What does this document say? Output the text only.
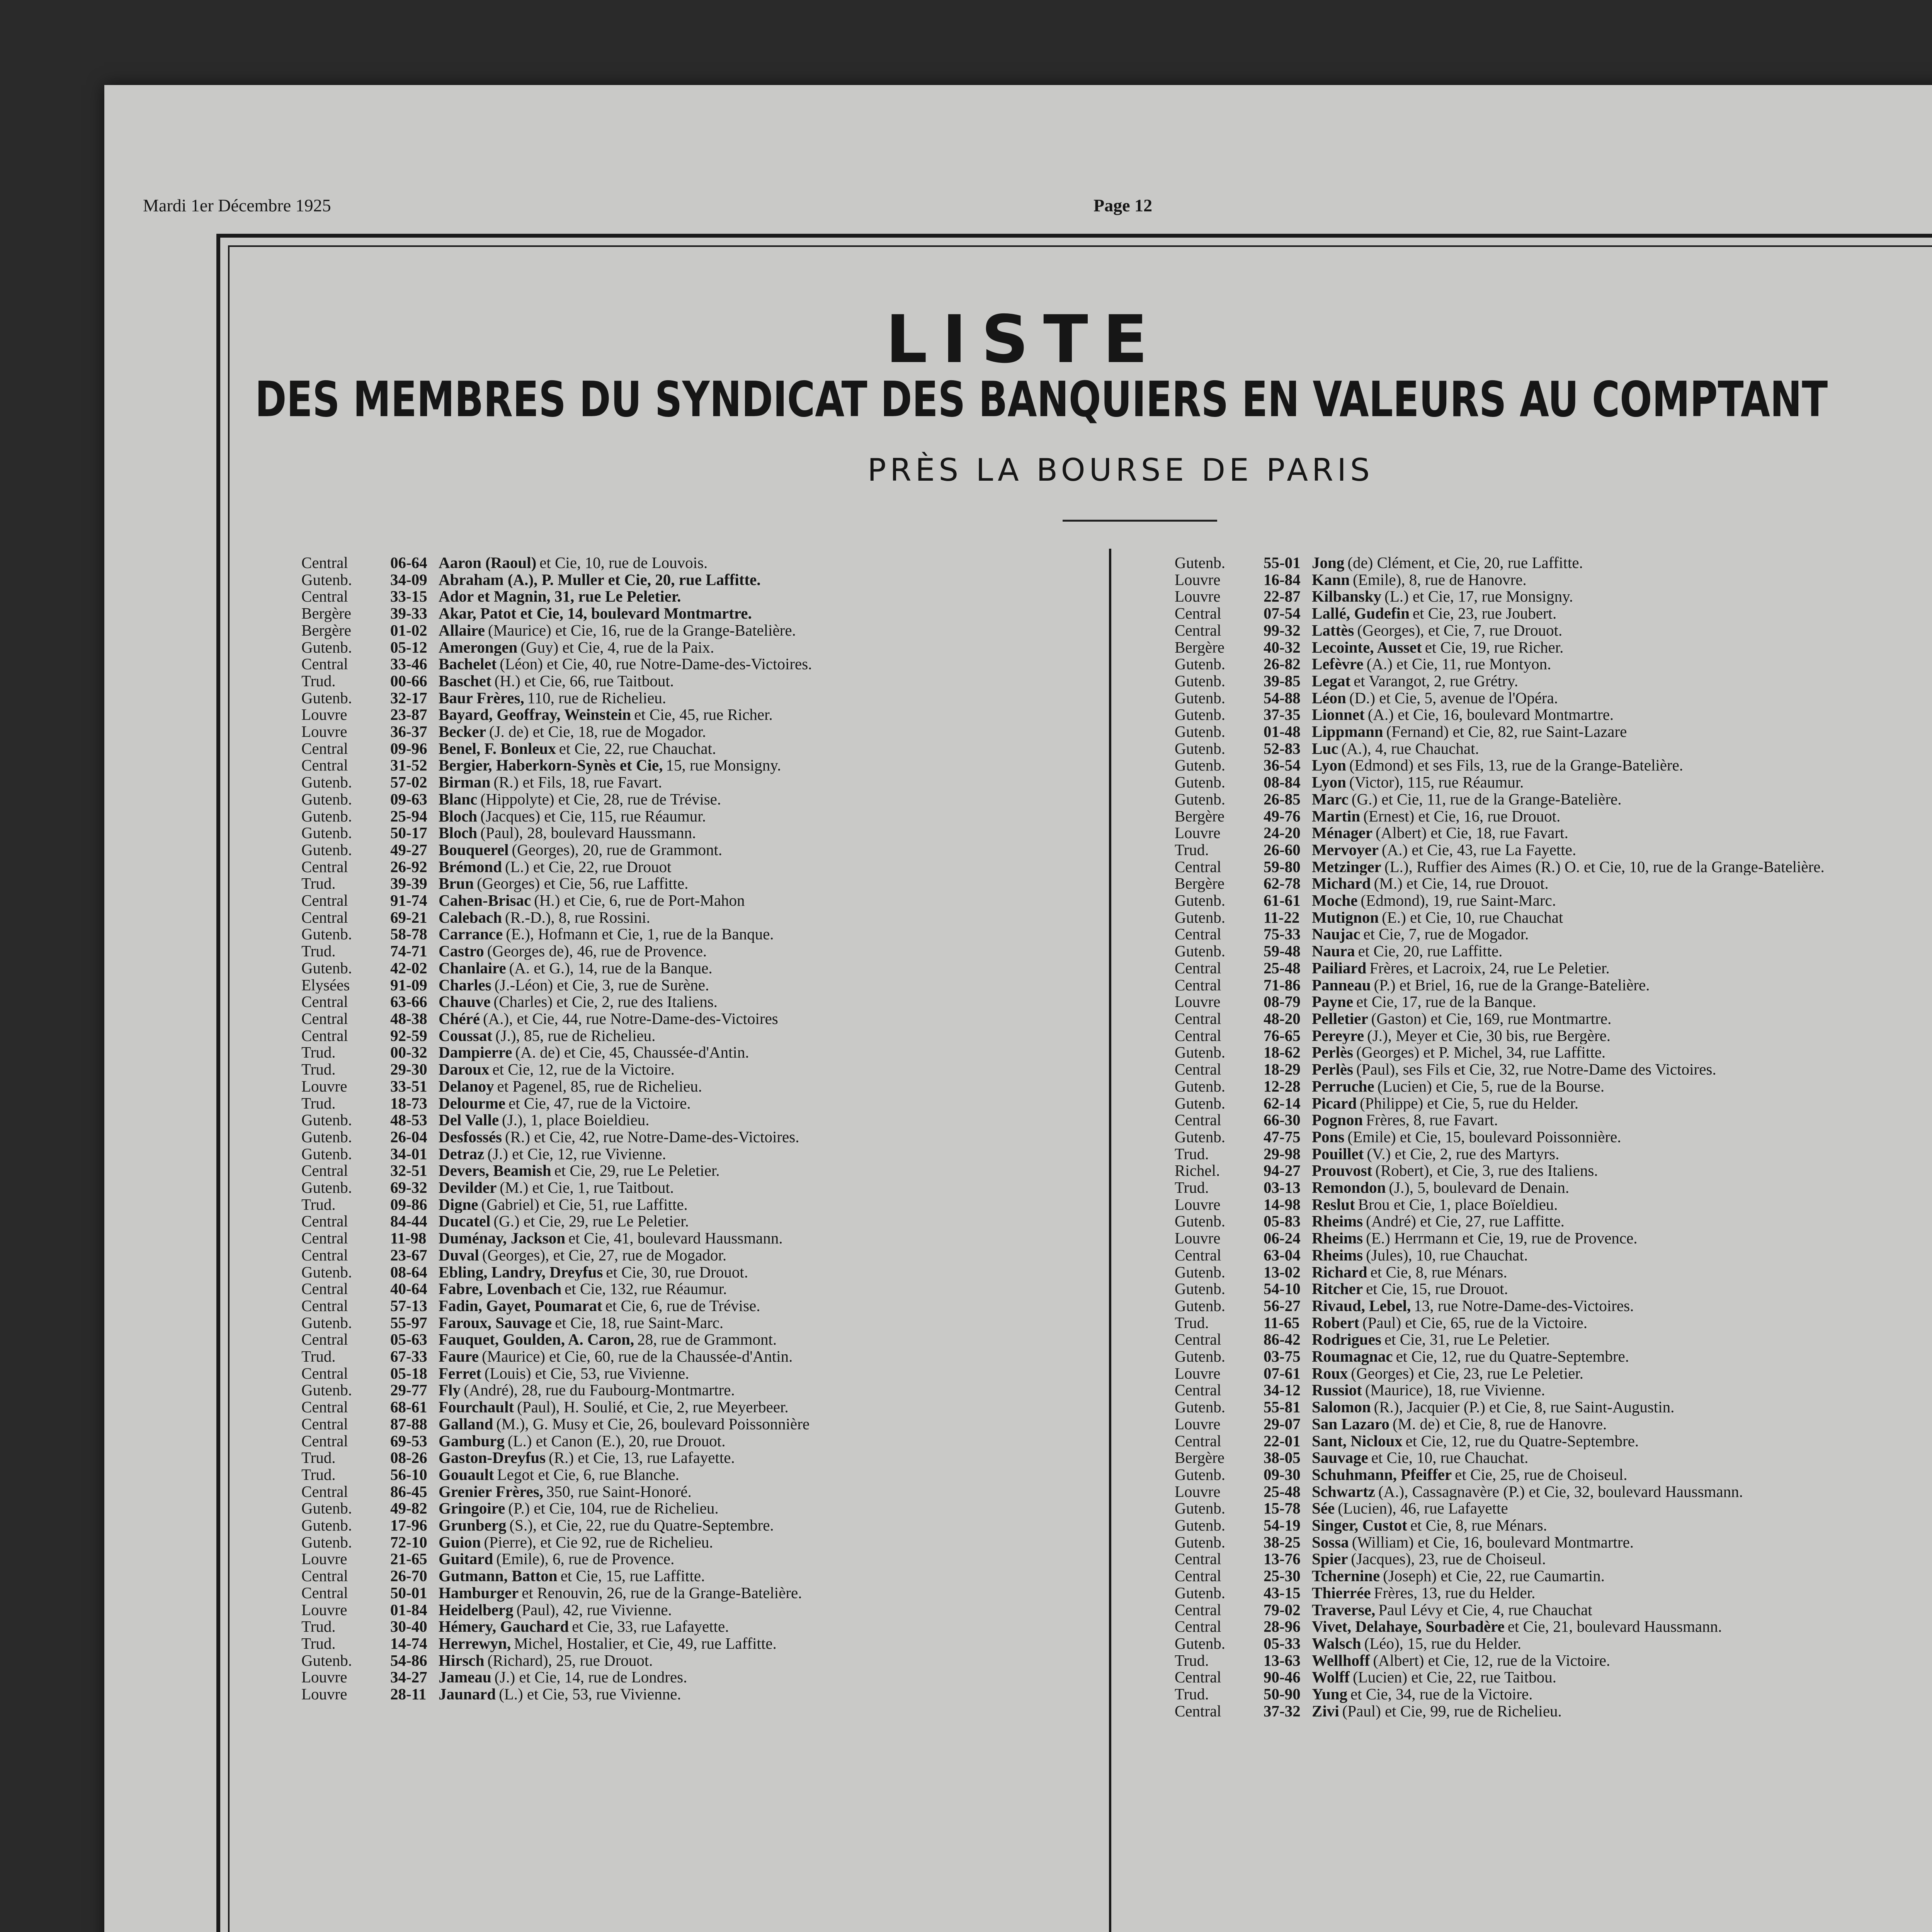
Mardi 1er Décembre 1925	Page 12
LISTE
DES MEMBRES DU SYNDICAT DES BANQUIERS EN VALEURS AU COMPTANT
PRÈS LA BOURSE DE PARIS
Central	06-64 Aaron (Raoul) et Cie, 10, rue de Louvois.
Gutenb.	34-09 Abraham (A.), P. Muller et Cie, 20, rue Laffitte.
Central	33-15 Ador et Magnin, 31, rue Le Peletier.
Bergère	39-33 Akar, Patot et Cie, 14, boulevard Montmartre.
Bergère	01-02 Allaire (Maurice) et Cie, 16, rue de la Grange-Batelière.
Gutenb.	05-12 Amerongen (Guy) et Cie, 4, rue de la Paix.
Central	33-46 Bachelet (Léon) et Cie, 40, rue Notre-Dame-des-Victoires.
Trud.	00-66 Baschet (H.) et Cie, 66, rue Taitbout.
Gutenb.	32-17 Baur Frères, 110, rue de Richelieu.
Louvre	23-87 Bayard, Geoffray, Weinstein et Cie, 45, rue Richer.
Louvre	36-37 Becker (J. de) et Cie, 18, rue de Mogador.
Central	09-96 Benel, F. Bonleux et Cie, 22, rue Chauchat.
Central	31-52 Bergier, Haberkorn-Synès et Cie, 15, rue Monsigny.
Gutenb.	57-02 Birman (R.) et Fils, 18, rue Favart.
Gutenb.	09-63 Blanc (Hippolyte) et Cie, 28, rue de Trévise.
Gutenb.	25-94 Bloch (Jacques) et Cie, 115, rue Réaumur.
Gutenb.	50-17 Bloch (Paul), 28, boulevard Haussmann.
Gutenb.	49-27 Bouquerel (Georges), 20, rue de Grammont.
Central	26-92 Brémond (L.) et Cie, 22, rue Drouot
Trud.	39-39 Brun (Georges) et Cie, 56, rue Laffitte.
Central	91-74 Cahen-Brisac (H.) et Cie, 6, rue de Port-Mahon
Central	69-21 Calebach (R.-D.), 8, rue Rossini.
Gutenb.	58-78 Carrance (E.), Hofmann et Cie, 1, rue de la Banque.
Trud.	74-71 Castro (Georges de), 46, rue de Provence.
Gutenb.	42-02 Chanlaire (A. et G.), 14, rue de la Banque.
Elysées	91-09 Charles (J.-Léon) et Cie, 3, rue de Surène.
Central	63-66 Chauve (Charles) et Cie, 2, rue des Italiens.
Central	48-38 Chéré (A.), et Cie, 44, rue Notre-Dame-des-Victoires
Central	92-59 Coussat (J.), 85, rue de Richelieu.
Trud.	00-32 Dampierre (A. de) et Cie, 45, Chaussée-d'Antin.
Trud.	29-30 Daroux et Cie, 12, rue de la Victoire.
Louvre	33-51 Delanoy et Pagenel, 85, rue de Richelieu.
Trud.	18-73 Delourme et Cie, 47, rue de la Victoire.
Gutenb.	48-53 Del Valle (J.), 1, place Boieldieu.
Gutenb.	26-04 Desfossés (R.) et Cie, 42, rue Notre-Dame-des-Victoires.
Gutenb.	34-01 Detraz (J.) et Cie, 12, rue Vivienne.
Central	32-51 Devers, Beamish et Cie, 29, rue Le Peletier.
Gutenb.	69-32 Devilder (M.) et Cie, 1, rue Taitbout.
Trud.	09-86 Digne (Gabriel) et Cie, 51, rue Laffitte.
Central	84-44 Ducatel (G.) et Cie, 29, rue Le Peletier.
Central	11-98 Duménay, Jackson et Cie, 41, boulevard Haussmann.
Central	23-67 Duval (Georges), et Cie, 27, rue de Mogador.
Gutenb.	08-64 Ebling, Landry, Dreyfus et Cie, 30, rue Drouot.
Central	40-64 Fabre, Lovenbach et Cie, 132, rue Réaumur.
Central	57-13 Fadin, Gayet, Poumarat et Cie, 6, rue de Trévise.
Gutenb.	55-97 Faroux, Sauvage et Cie, 18, rue Saint-Marc.
Central	05-63 Fauquet, Goulden, A. Caron, 28, rue de Grammont.
Trud.	67-33 Faure (Maurice) et Cie, 60, rue de la Chaussée-d'Antin.
Central	05-18 Ferret (Louis) et Cie, 53, rue Vivienne.
Gutenb.	29-77 Fly (André), 28, rue du Faubourg-Montmartre.
Central	68-61 Fourchault (Paul), H. Soulié, et Cie, 2, rue Meyerbeer.
Central	87-88 Galland (M.), G. Musy et Cie, 26, boulevard Poissonnière
Central	69-53 Gamburg (L.) et Canon (E.), 20, rue Drouot.
Trud.	08-26 Gaston-Dreyfus (R.) et Cie, 13, rue Lafayette.
Trud.	56-10 Gouault Legot et Cie, 6, rue Blanche.
Central	86-45 Grenier Frères, 350, rue Saint-Honoré.
Gutenb.	49-82 Gringoire (P.) et Cie, 104, rue de Richelieu.
Gutenb.	17-96 Grunberg (S.), et Cie, 22, rue du Quatre-Septembre.
Gutenb.	72-10 Guion (Pierre), et Cie 92, rue de Richelieu.
Louvre	21-65 Guitard (Emile), 6, rue de Provence.
Central	26-70 Gutmann, Batton et Cie, 15, rue Laffitte.
Central	50-01 Hamburger et Renouvin, 26, rue de la Grange-Batelière.
Louvre	01-84 Heidelberg (Paul), 42, rue Vivienne.
Trud.	30-40 Hémery, Gauchard et Cie, 33, rue Lafayette.
Trud.	14-74 Herrewyn, Michel, Hostalier, et Cie, 49, rue Laffitte.
Gutenb.	54-86 Hirsch (Richard), 25, rue Drouot.
Louvre	34-27 Jameau (J.) et Cie, 14, rue de Londres.
Louvre	28-11 Jaunard (L.) et Cie, 53, rue Vivienne.
Gutenb.	55-01 Jong (de) Clément, et Cie, 20, rue Laffitte.
Louvre	16-84 Kann (Emile), 8, rue de Hanovre.
Louvre	22-87 Kilbansky (L.) et Cie, 17, rue Monsigny.
Central	07-54 Lallé, Gudefin et Cie, 23, rue Joubert.
Central	99-32 Lattès (Georges), et Cie, 7, rue Drouot.
Bergère	40-32 Lecointe, Ausset et Cie, 19, rue Richer.
Gutenb.	26-82 Lefèvre (A.) et Cie, 11, rue Montyon.
Gutenb.	39-85 Legat et Varangot, 2, rue Grétry.
Gutenb.	54-88 Léon (D.) et Cie, 5, avenue de l'Opéra.
Gutenb.	37-35 Lionnet (A.) et Cie, 16, boulevard Montmartre.
Gutenb.	01-48 Lippmann (Fernand) et Cie, 82, rue Saint-Lazare
Gutenb.	52-83 Luc (A.), 4, rue Chauchat.
Gutenb.	36-54 Lyon (Edmond) et ses Fils, 13, rue de la Grange-Batelière.
Gutenb.	08-84 Lyon (Victor), 115, rue Réaumur.
Gutenb.	26-85 Marc (G.) et Cie, 11, rue de la Grange-Batelière.
Bergère	49-76 Martin (Ernest) et Cie, 16, rue Drouot.
Louvre	24-20 Ménager (Albert) et Cie, 18, rue Favart.
Trud.	26-60 Mervoyer (A.) et Cie, 43, rue La Fayette.
Central	59-80 Metzinger (L.), Ruffier des Aimes (R.) O. et Cie, 10, rue de la Grange-Batelière.
Bergère	62-78 Michard (M.) et Cie, 14, rue Drouot.
Gutenb.	61-61 Moche (Edmond), 19, rue Saint-Marc.
Gutenb.	11-22 Mutignon (E.) et Cie, 10, rue Chauchat
Central	75-33 Naujac et Cie, 7, rue de Mogador.
Gutenb.	59-48 Naura et Cie, 20, rue Laffitte.
Central	25-48 Pailiard Frères, et Lacroix, 24, rue Le Peletier.
Central	71-86 Panneau (P.) et Briel, 16, rue de la Grange-Batelière.
Louvre	08-79 Payne et Cie, 17, rue de la Banque.
Central	48-20 Pelletier (Gaston) et Cie, 169, rue Montmartre.
Central	76-65 Pereyre (J.), Meyer et Cie, 30 bis, rue Bergère.
Gutenb.	18-62 Perlès (Georges) et P. Michel, 34, rue Laffitte.
Central	18-29 Perlès (Paul), ses Fils et Cie, 32, rue Notre-Dame des Victoires.
Gutenb.	12-28 Perruche (Lucien) et Cie, 5, rue de la Bourse.
Gutenb.	62-14 Picard (Philippe) et Cie, 5, rue du Helder.
Central	66-30 Pognon Frères, 8, rue Favart.
Gutenb.	47-75 Pons (Emile) et Cie, 15, boulevard Poissonnière.
Trud.	29-98 Pouillet (V.) et Cie, 2, rue des Martyrs.
Richel.	94-27 Prouvost (Robert), et Cie, 3, rue des Italiens.
Trud.	03-13 Remondon (J.), 5, boulevard de Denain.
Louvre	14-98 Reslut Brou et Cie, 1, place Boïeldieu.
Gutenb.	05-83 Rheims (André) et Cie, 27, rue Laffitte.
Louvre	06-24 Rheims (E.) Herrmann et Cie, 19, rue de Provence.
Central	63-04 Rheims (Jules), 10, rue Chauchat.
Gutenb.	13-02 Richard et Cie, 8, rue Ménars.
Gutenb.	54-10 Ritcher et Cie, 15, rue Drouot.
Gutenb.	56-27 Rivaud, Lebel, 13, rue Notre-Dame-des-Victoires.
Trud.	11-65 Robert (Paul) et Cie, 65, rue de la Victoire.
Central	86-42 Rodrigues et Cie, 31, rue Le Peletier.
Gutenb.	03-75 Roumagnac et Cie, 12, rue du Quatre-Septembre.
Louvre	07-61 Roux (Georges) et Cie, 23, rue Le Peletier.
Central	34-12 Russiot (Maurice), 18, rue Vivienne.
Gutenb.	55-81 Salomon (R.), Jacquier (P.) et Cie, 8, rue Saint-Augustin.
Louvre	29-07 San Lazaro (M. de) et Cie, 8, rue de Hanovre.
Central	22-01 Sant, Nicloux et Cie, 12, rue du Quatre-Septembre.
Bergère	38-05 Sauvage et Cie, 10, rue Chauchat.
Gutenb.	09-30 Schuhmann, Pfeiffer et Cie, 25, rue de Choiseul.
Louvre	25-48 Schwartz (A.), Cassagnavère (P.) et Cie, 32, boulevard Haussmann.
Gutenb.	15-78 Sée (Lucien), 46, rue Lafayette
Gutenb.	54-19 Singer, Custot et Cie, 8, rue Ménars.
Gutenb.	38-25 Sossa (William) et Cie, 16, boulevard Montmartre.
Central	13-76 Spier (Jacques), 23, rue de Choiseul.
Central	25-30 Tchernine (Joseph) et Cie, 22, rue Caumartin.
Gutenb.	43-15 Thierrée Frères, 13, rue du Helder.
Central	79-02 Traverse, Paul Lévy et Cie, 4, rue Chauchat
Central	28-96 Vivet, Delahaye, Sourbadère et Cie, 21, boulevard Haussmann.
Gutenb.	05-33 Walsch (Léo), 15, rue du Helder.
Trud.	13-63 Wellhoff (Albert) et Cie, 12, rue de la Victoire.
Central	90-46 Wolff (Lucien) et Cie, 22, rue Taitbou.
Trud.	50-90 Yung et Cie, 34, rue de la Victoire.
Central	37-32 Zivi (Paul) et Cie, 99, rue de Richelieu.
